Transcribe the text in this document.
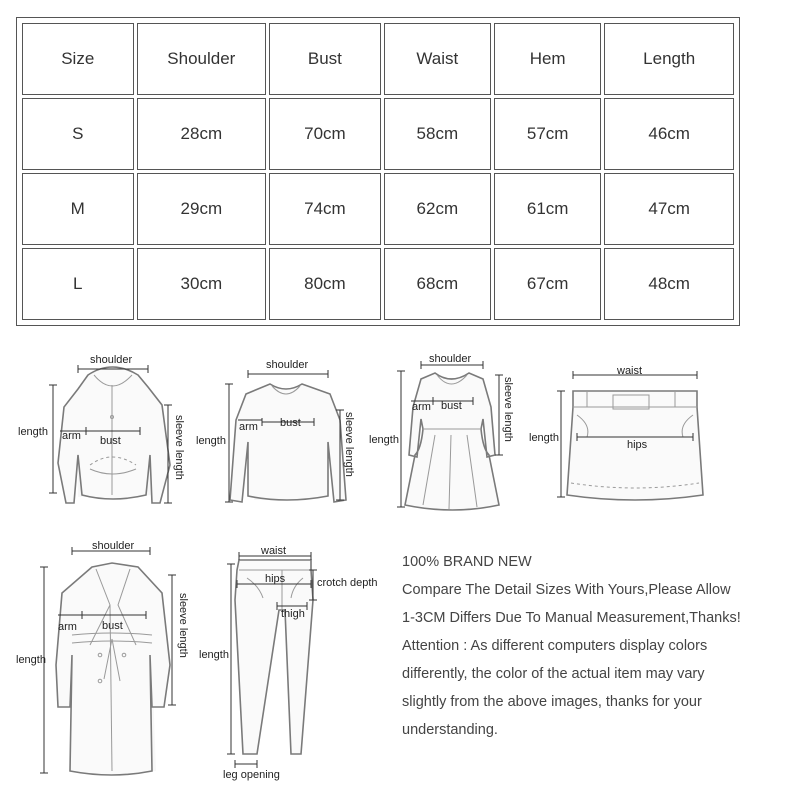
Size	Shoulder	Bust	Waist	Hem	Length
S	28cm	70cm	58cm	57cm	46cm
M	29cm	74cm	62cm	61cm	47cm
L	30cm	80cm	68cm	67cm	48cm
shoulder
length arm bust	sleeve length
shoulder
length
arm bust	sleeve length
shoulder
length
arm bust	sleeve length
waist
length
hips
shoulder
length
arm bust	sleeve length
waist
hips	crotch depth
thigh
length
leg opening

100% BRAND NEW

Compare The Detail Sizes With Yours,Please Allow

1-3CM Differs Due To Manual Measurement,Thanks!

Attention : As different computers display colors

differently, the color of the actual item may vary

slightly from the above images, thanks for your

understanding.
